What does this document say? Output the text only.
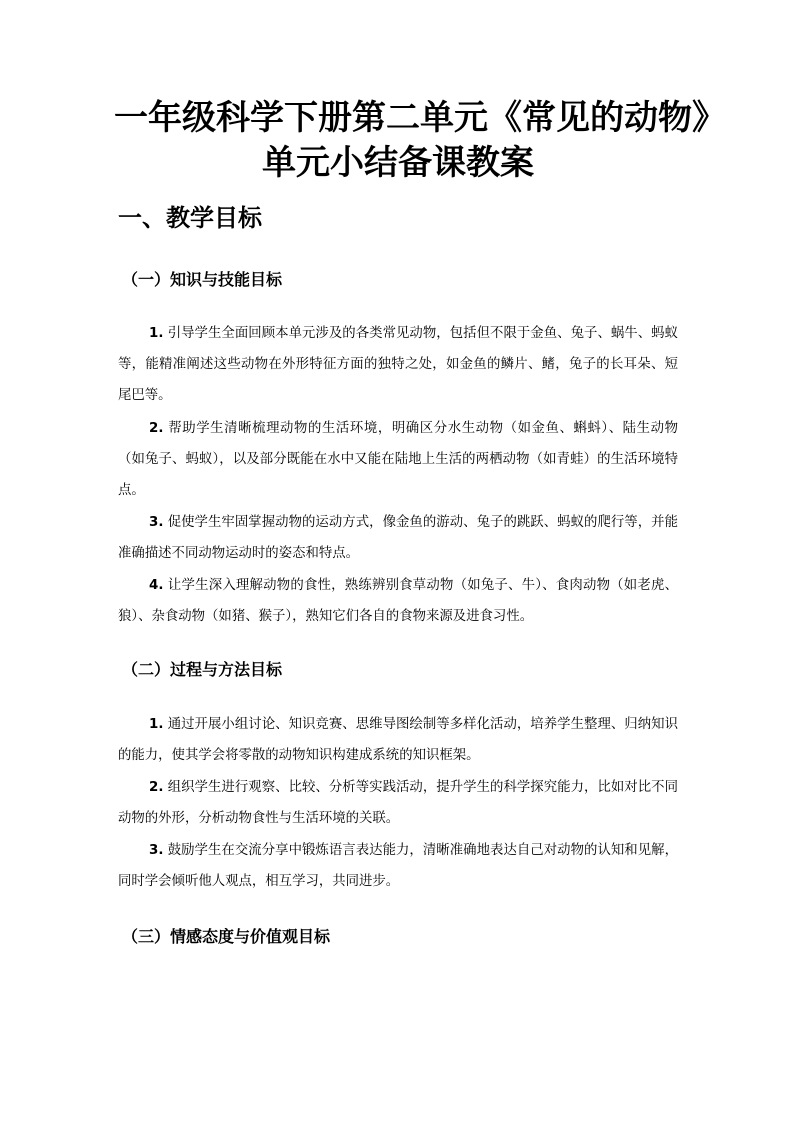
一年级科学下册第二单元《常见的动物》
单元小结备课教案
一、教学目标
（一）知识与技能目标

1. 引导学生全面回顾本单元涉及的各类常见动物，包括但不限于金鱼、兔子、蜗牛、蚂蚁等，能精准阐述这些动物在外形特征方面的独特之处，如金鱼的鳞片、鳍，兔子的长耳朵、短尾巴等。

2. 帮助学生清晰梳理动物的生活环境，明确区分水生动物（如金鱼、蝌蚪）、陆生动物（如兔子、蚂蚁），以及部分既能在水中又能在陆地上生活的两栖动物（如青蛙）的生活环境特点。

3. 促使学生牢固掌握动物的运动方式，像金鱼的游动、兔子的跳跃、蚂蚁的爬行等，并能准确描述不同动物运动时的姿态和特点。

4. 让学生深入理解动物的食性，熟练辨别食草动物（如兔子、牛）、食肉动物（如老虎、狼）、杂食动物（如猪、猴子），熟知它们各自的食物来源及进食习性。

（二）过程与方法目标

1. 通过开展小组讨论、知识竞赛、思维导图绘制等多样化活动，培养学生整理、归纳知识的能力，使其学会将零散的动物知识构建成系统的知识框架。

2. 组织学生进行观察、比较、分析等实践活动，提升学生的科学探究能力，比如对比不同动物的外形，分析动物食性与生活环境的关联。

3. 鼓励学生在交流分享中锻炼语言表达能力，清晰准确地表达自己对动物的认知和见解，同时学会倾听他人观点，相互学习，共同进步。

（三）情感态度与价值观目标
